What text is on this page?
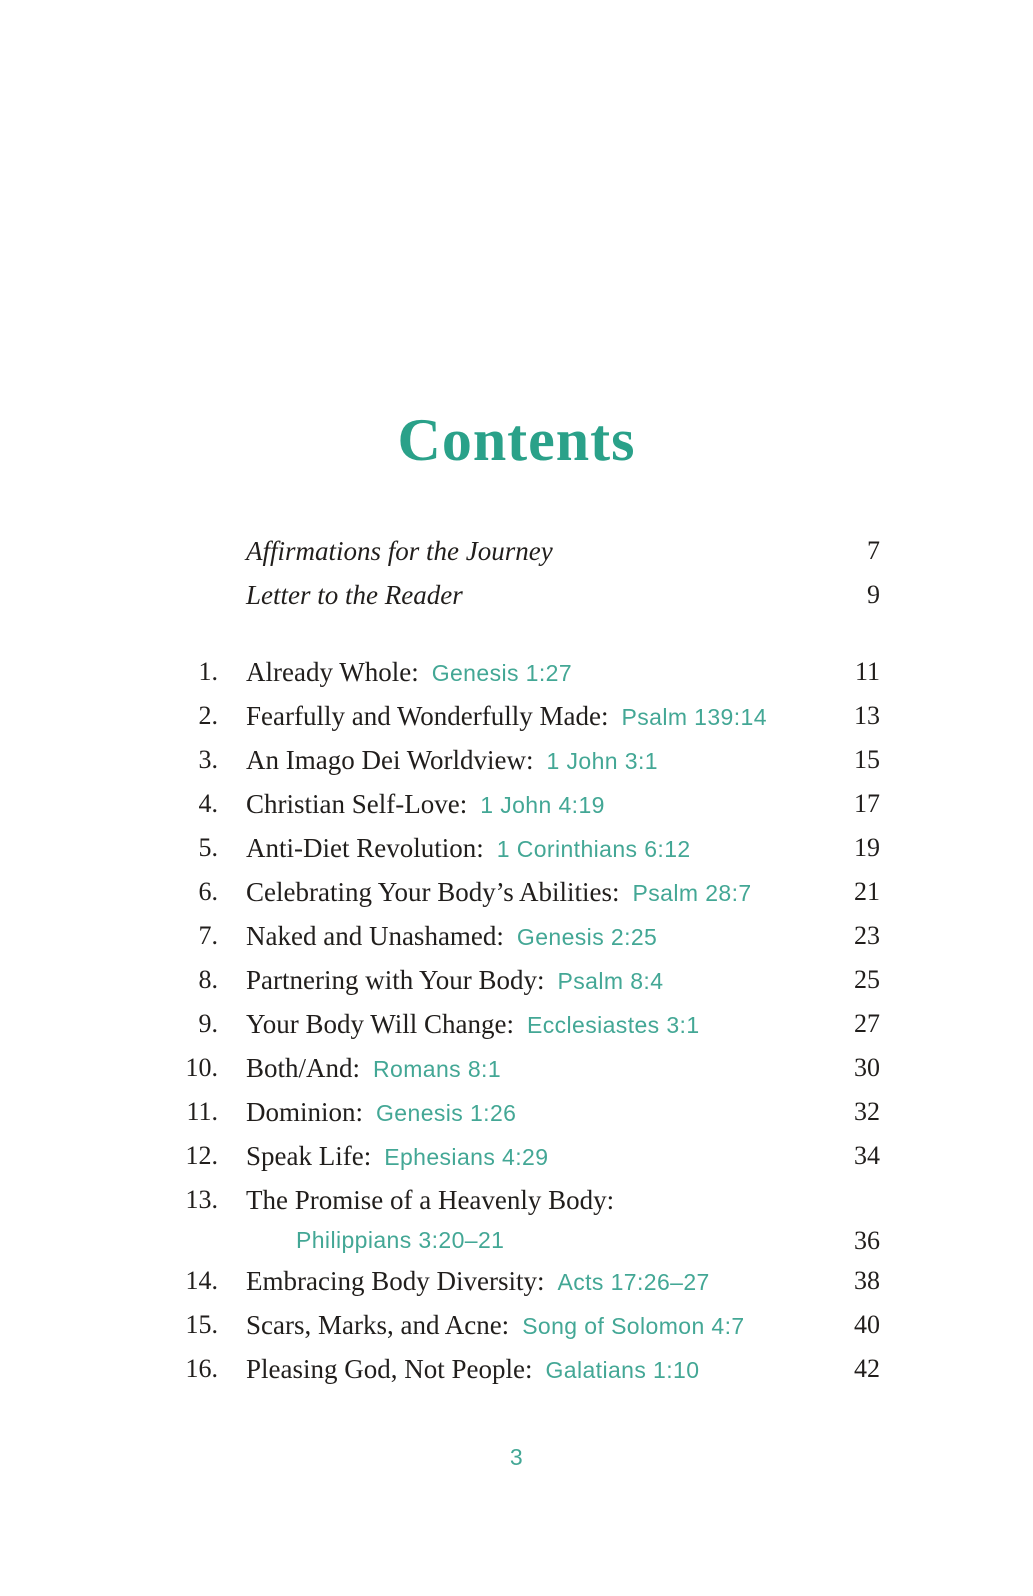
Contents
Affirmations for the Journey	7
Letter to the Reader	9
1. Already Whole: Genesis 1:27	11
2. Fearfully and Wonderfully Made: Psalm 139:14	13
3. An Imago Dei Worldview: 1 John 3:1	15
4. Christian Self-Love: 1 John 4:19	17
5. Anti-Diet Revolution: 1 Corinthians 6:12	19
6. Celebrating Your Body’s Abilities: Psalm 28:7	21
7. Naked and Unashamed: Genesis 2:25	23
8. Partnering with Your Body: Psalm 8:4	25
9. Your Body Will Change: Ecclesiastes 3:1	27
10. Both/And: Romans 8:1	30
11. Dominion: Genesis 1:26	32
12. Speak Life: Ephesians 4:29	34
13. The Promise of a Heavenly Body:
Philippians 3:20–21	36
14. Embracing Body Diversity: Acts 17:26–27	38
15. Scars, Marks, and Acne: Song of Solomon 4:7	40
16. Pleasing God, Not People: Galatians 1:10	42
3
